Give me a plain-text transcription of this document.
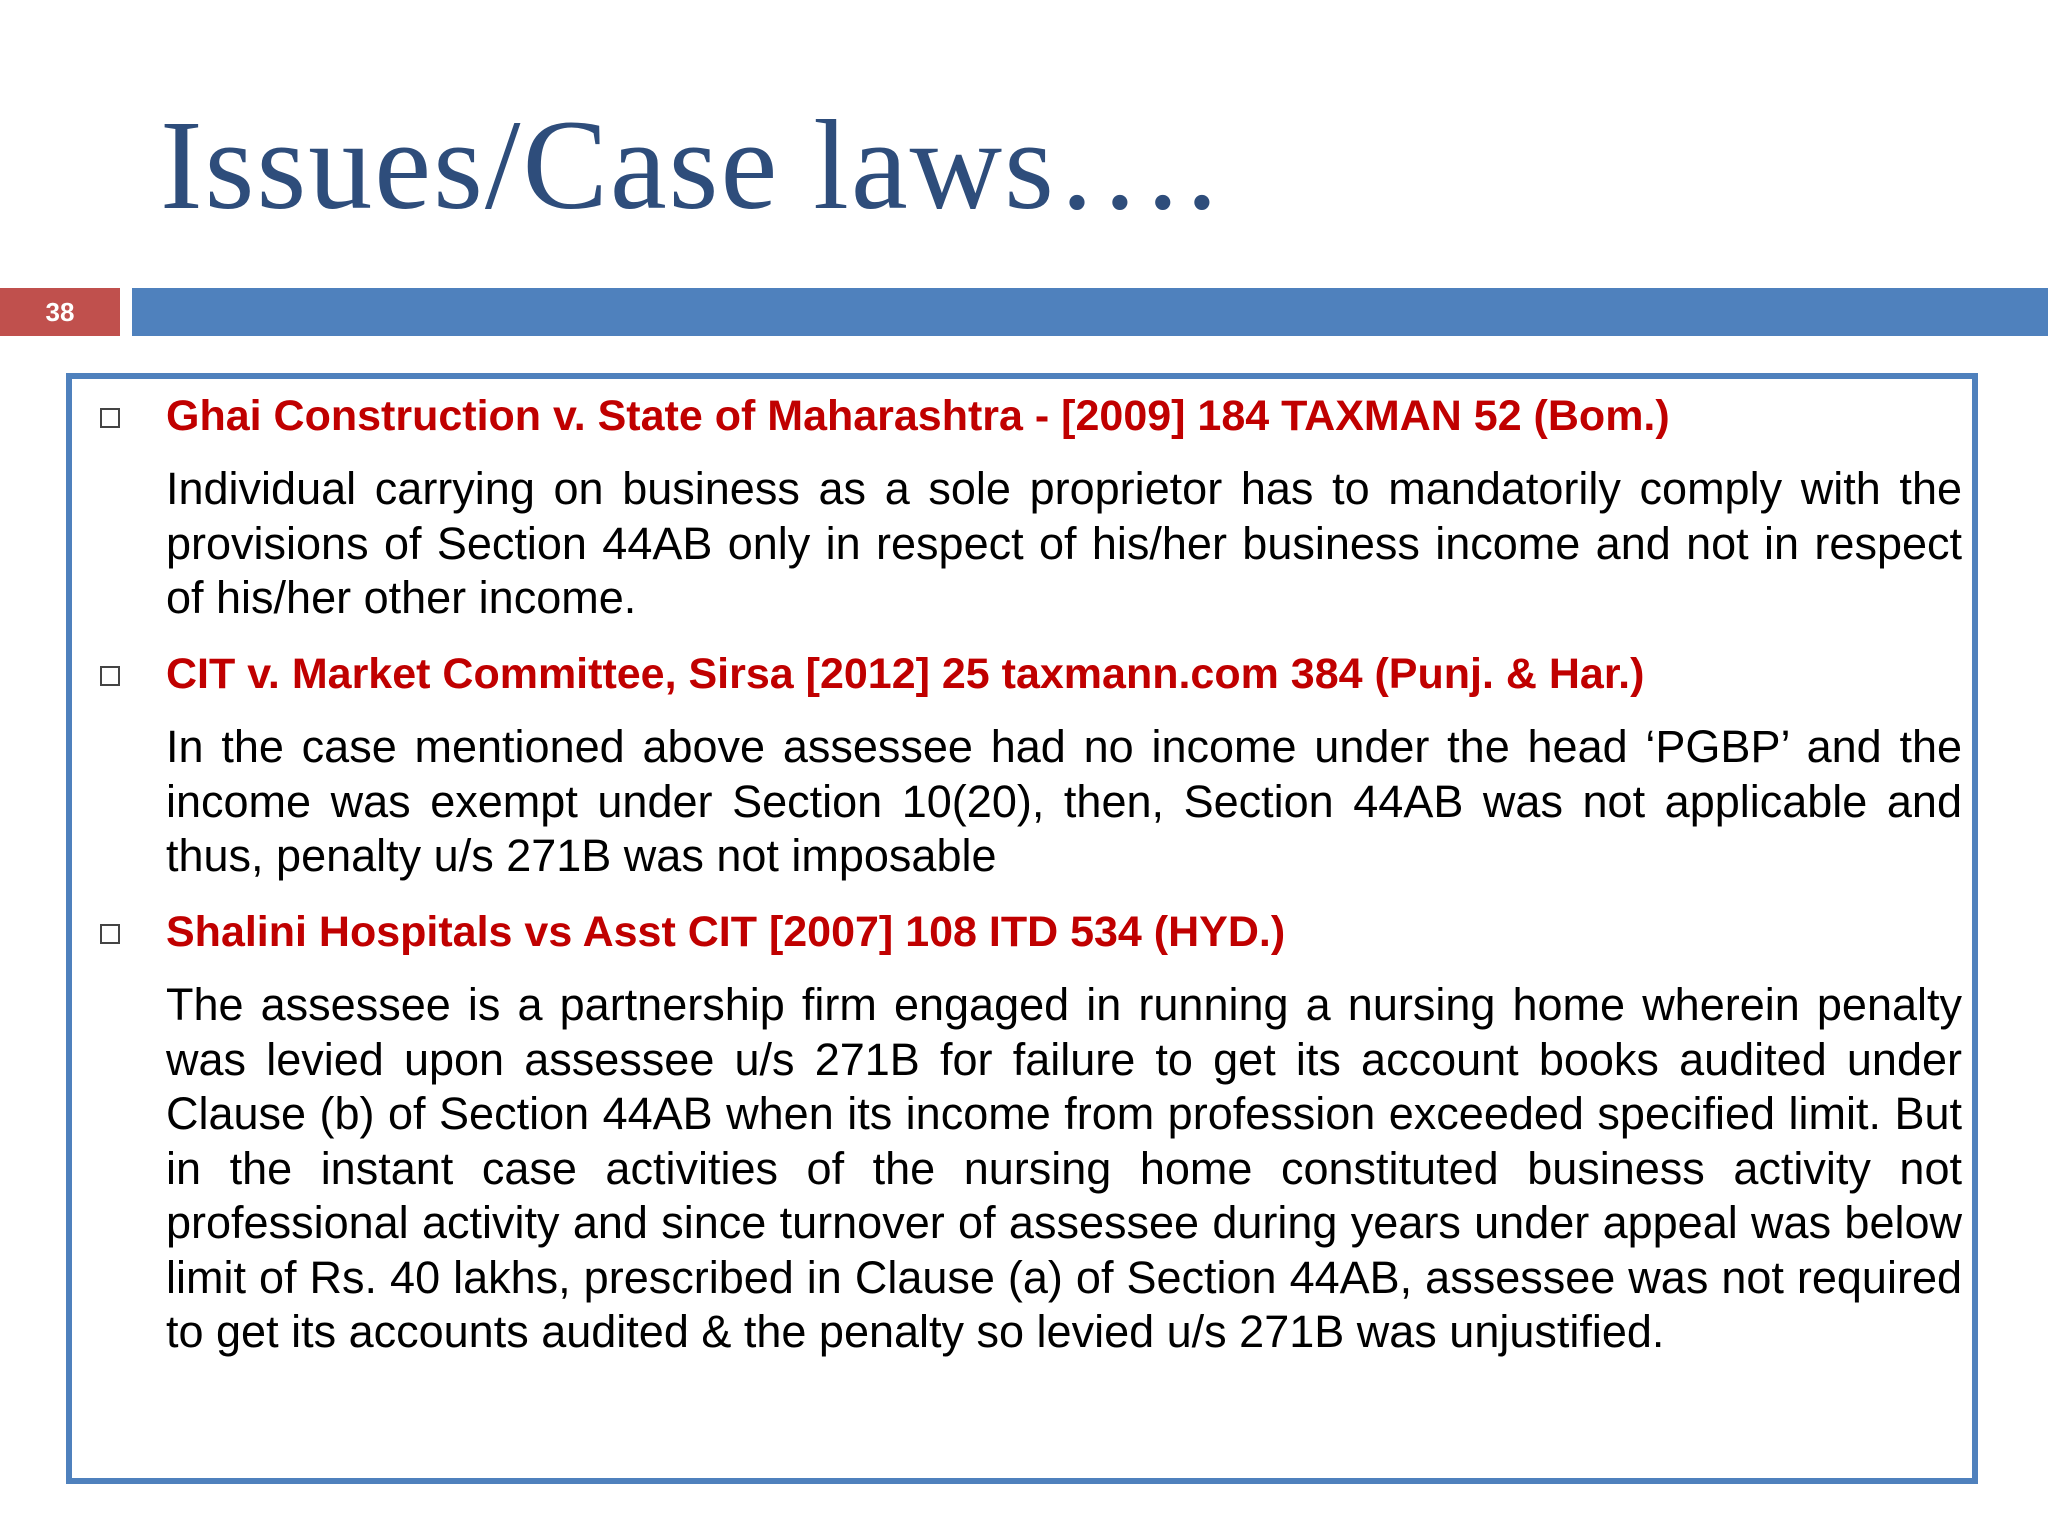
Issues/Case laws….
38

Ghai Construction v. State of Maharashtra - [2009] 184 TAXMAN 52 (Bom.)

Individual carrying on business as a sole proprietor has to mandatorily comply with the provisions of Section 44AB only in respect of his/her business income and not in respect of his/her other income.

CIT v. Market Committee, Sirsa [2012] 25 taxmann.com 384 (Punj. & Har.)

In the case mentioned above assessee had no income under the head ‘PGBP’ and the income was exempt under Section 10(20), then, Section 44AB was not applicable and thus, penalty u/s 271B was not imposable

Shalini Hospitals vs Asst CIT [2007] 108 ITD 534 (HYD.)

The assessee is a partnership firm engaged in running a nursing home wherein penalty was levied upon assessee u/s 271B for failure to get its account books audited under Clause (b) of Section 44AB when its income from profession exceeded specified limit. But in the instant case activities of the nursing home constituted business activity not professional activity and since turnover of assessee during years under appeal was below limit of Rs. 40 lakhs, prescribed in Clause (a) of Section 44AB, assessee was not required to get its accounts audited & the penalty so levied u/s 271B was unjustified.
